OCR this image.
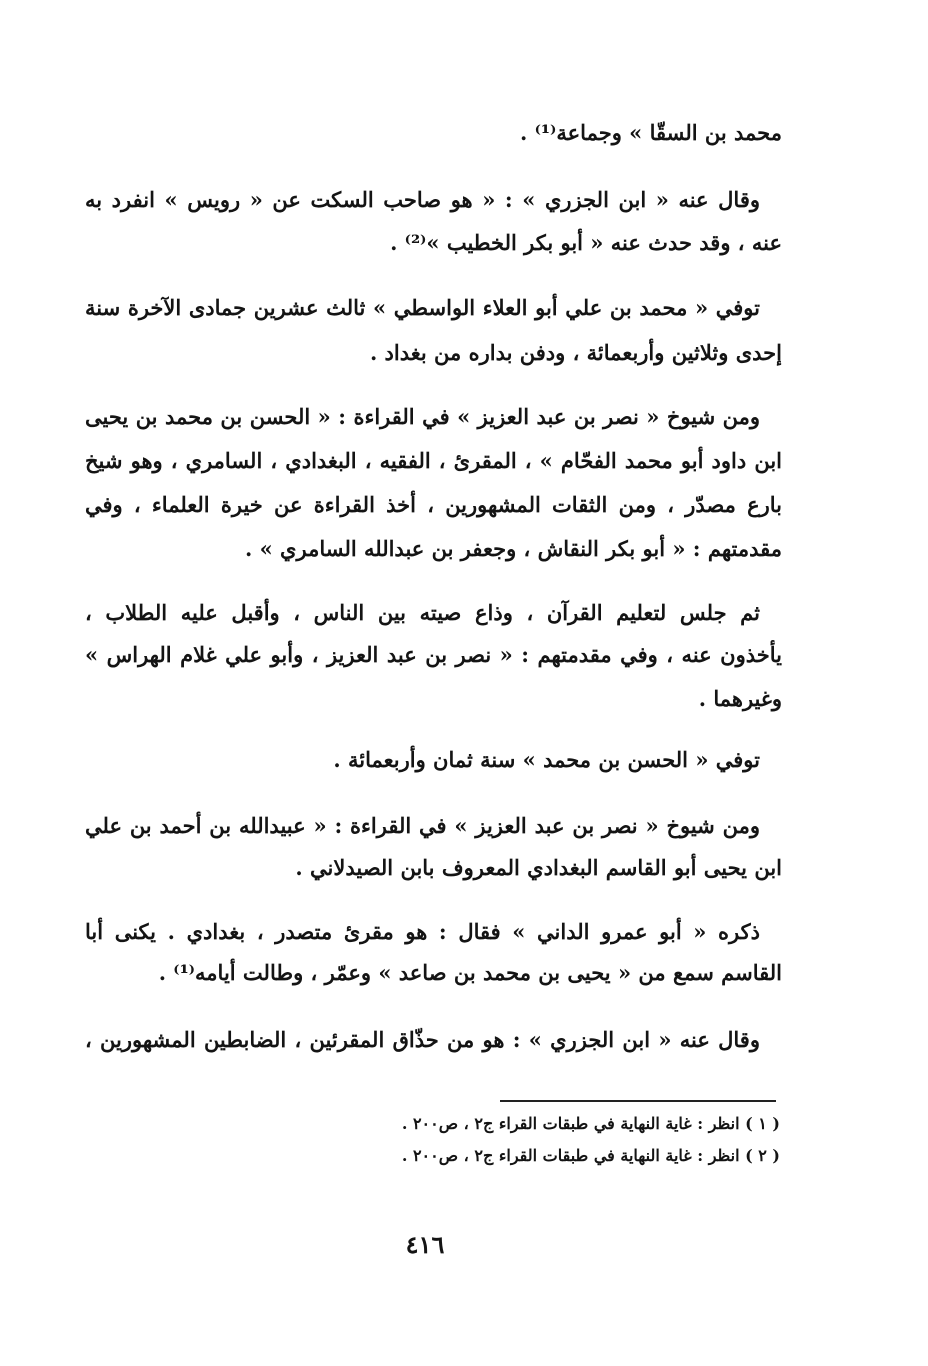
محمد بن السقّا » وجماعة⁽¹⁾ .
وقال عنه « ابن الجزري » : « هو صاحب السكت عن « رويس » انفرد به
عنه ، وقد حدث عنه « أبو بكر الخطيب »⁽²⁾ .
توفي « محمد بن علي أبو العلاء الواسطي » ثالث عشرين جمادى الآخرة سنة
إحدى وثلاثين وأربعمائة ، ودفن بداره من بغداد .
ومن شيوخ « نصر بن عبد العزيز » في القراءة : « الحسن بن محمد بن يحيى
ابن داود أبو محمد الفحّام » ، المقرئ ، الفقيه ، البغدادي ، السامري ، وهو شيخ
بارع مصدّر ، ومن الثقات المشهورين ، أخذ القراءة عن خيرة العلماء ، وفي
مقدمتهم : « أبو بكر النقاش ، وجعفر بن عبدالله السامري » .
ثم جلس لتعليم القرآن ، وذاع صيته بين الناس ، وأقبل عليه الطلاب ،
يأخذون عنه ، وفي مقدمتهم : « نصر بن عبد العزيز ، وأبو علي غلام الهراس »
وغيرهما .
توفي « الحسن بن محمد » سنة ثمان وأربعمائة .
ومن شيوخ « نصر بن عبد العزيز » في القراءة : « عبيدالله بن أحمد بن علي
ابن يحيى أبو القاسم البغدادي المعروف بابن الصيدلاني .
ذكره « أبو عمرو الداني » فقال : هو مقرئ متصدر ، بغدادي . يكنى أبا
القاسم سمع من « يحيى بن محمد بن صاعد » وعمّر ، وطالت أيامه⁽¹⁾ .
وقال عنه « ابن الجزري » : هو من حذّاق المقرئين ، الضابطين المشهورين ،
( ١ ) انظر : غاية النهاية في طبقات القراء ج٢ ، ص٢٠٠ .
( ٢ ) انظر : غاية النهاية في طبقات القراء ج٢ ، ص٢٠٠ .
٤١٦
